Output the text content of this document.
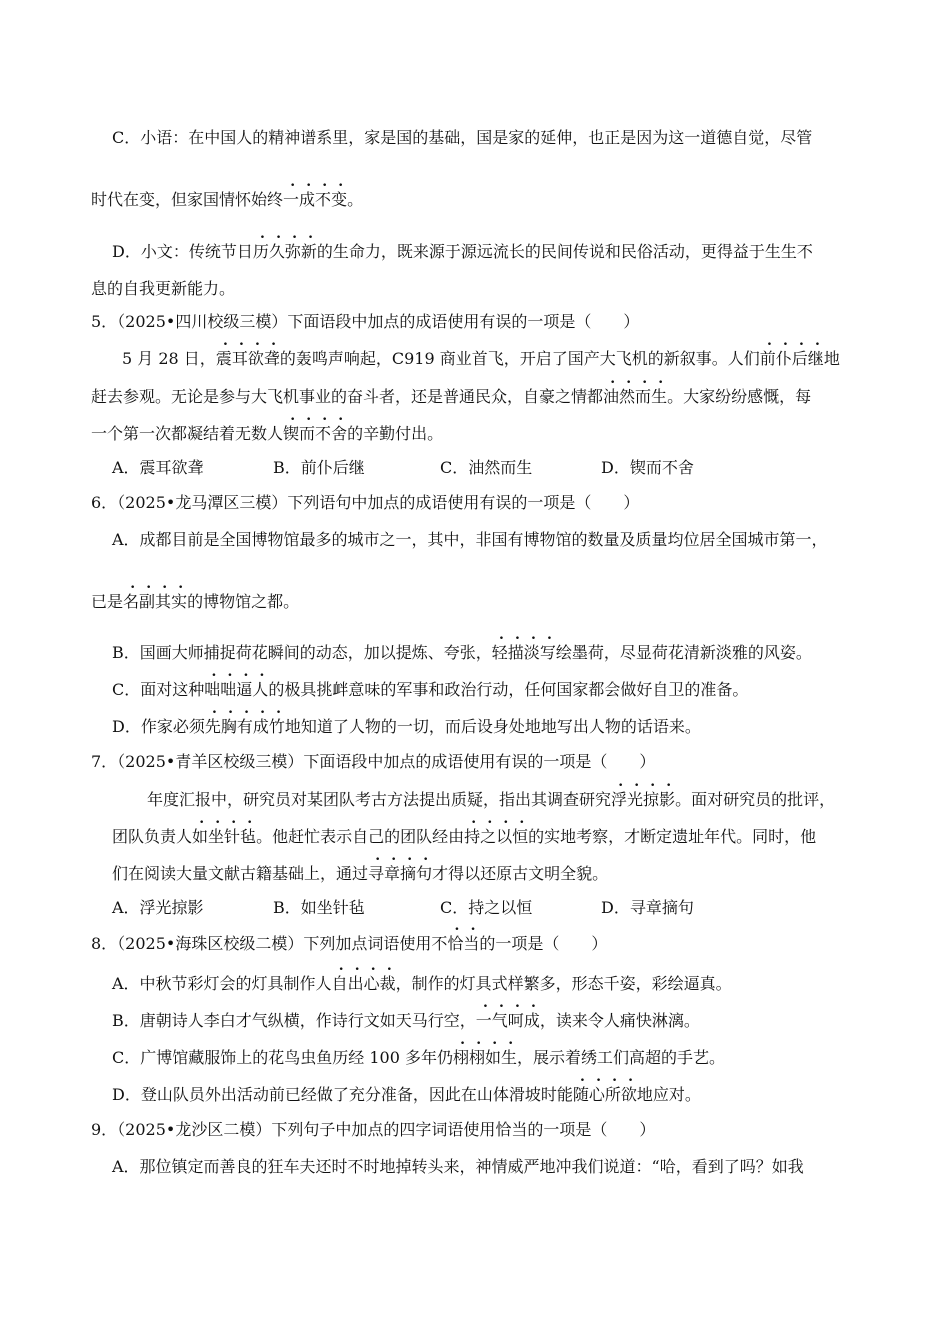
C．小语：在中国人的精神谱系里，家是国的基础，国是家的延伸，也正是因为这一道德自觉，尽管
时代在变，但家国情怀始终一成不变。
D．小文：传统节日历久弥新的生命力，既来源于源远流长的民间传说和民俗活动，更得益于生生不
息的自我更新能力。
5．（2025•四川校级三模）下面语段中加点的成语使用有误的一项是（　　）
5 月 28 日，震耳欲聋的轰鸣声响起，C919 商业首飞，开启了国产大飞机的新叙事。人们前仆后继地
赶去参观。无论是参与大飞机事业的奋斗者，还是普通民众，自豪之情都油然而生。大家纷纷感慨，每
一个第一次都凝结着无数人锲而不舍的辛勤付出。
A．震耳欲聋	B．前仆后继	C．油然而生	D．锲而不舍
6．（2025•龙马潭区三模）下列语句中加点的成语使用有误的一项是（　　）
A．成都目前是全国博物馆最多的城市之一，其中，非国有博物馆的数量及质量均位居全国城市第一，
已是名副其实的博物馆之都。
B．国画大师捕捉荷花瞬间的动态，加以提炼、夸张，轻描淡写绘墨荷，尽显荷花清新淡雅的风姿。
C．面对这种咄咄逼人的极具挑衅意味的军事和政治行动，任何国家都会做好自卫的准备。
D．作家必须先胸有成竹地知道了人物的一切，而后设身处地地写出人物的话语来。
7．（2025•青羊区校级三模）下面语段中加点的成语使用有误的一项是（　　）
年度汇报中，研究员对某团队考古方法提出质疑，指出其调查研究浮光掠影。面对研究员的批评，
团队负责人如坐针毡。他赶忙表示自己的团队经由持之以恒的实地考察，才断定遗址年代。同时，他
们在阅读大量文献古籍基础上，通过寻章摘句才得以还原古文明全貌。
A．浮光掠影	B．如坐针毡	C．持之以恒	D．寻章摘句
8．（2025•海珠区校级二模）下列加点词语使用不恰当的一项是（　　）
A．中秋节彩灯会的灯具制作人自出心裁，制作的灯具式样繁多，形态千姿，彩绘逼真。
B．唐朝诗人李白才气纵横，作诗行文如天马行空，一气呵成，读来令人痛快淋漓。
C．广博馆藏服饰上的花鸟虫鱼历经 100 多年仍栩栩如生，展示着绣工们高超的手艺。
D．登山队员外出活动前已经做了充分准备，因此在山体滑坡时能随心所欲地应对。
9．（2025•龙沙区二模）下列句子中加点的四字词语使用恰当的一项是（　　）
A．那位镇定而善良的狂车夫还时不时地掉转头来，神情威严地冲我们说道：“哈，看到了吗？如我
